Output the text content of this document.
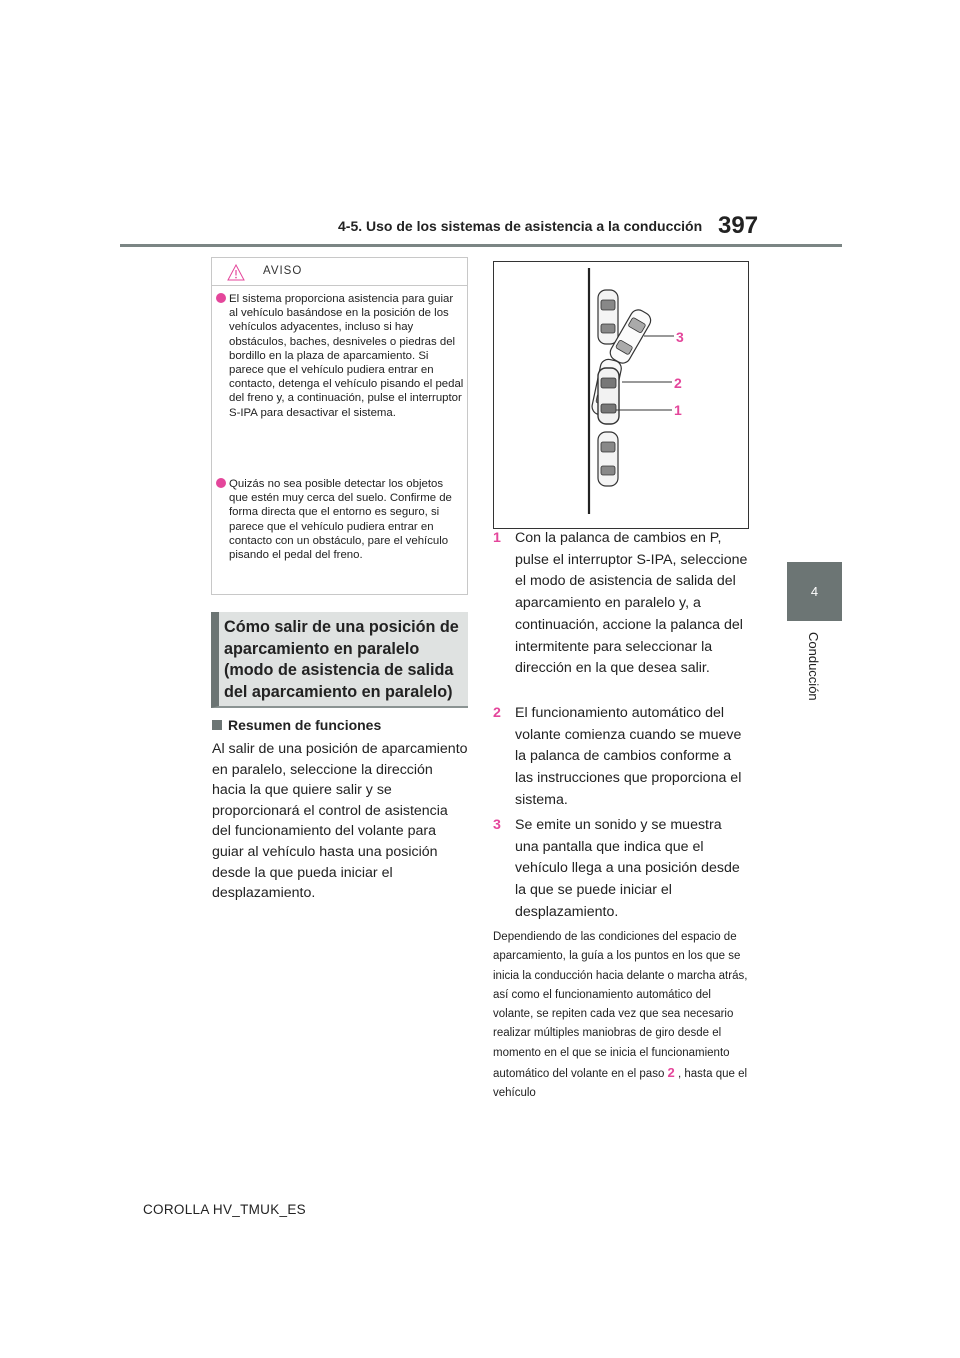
4-5. Uso de los sistemas de asistencia a la conducción 397
4
Conducción
AVISO
El sistema proporciona asistencia para guiar al vehículo basándose en la posición de los vehículos adyacentes, incluso si hay obstáculos, baches, desniveles o piedras del bordillo en la plaza de aparcamiento. Si parece que el vehículo pudiera entrar en contacto, detenga el vehículo pisando el pedal del freno y, a continuación, pulse el interruptor S-IPA para desactivar el sistema.
Quizás no sea posible detectar los objetos que estén muy cerca del suelo. Confirme de forma directa que el entorno es seguro, si parece que el vehículo pudiera entrar en contacto con un obstáculo, pare el vehículo pisando el pedal del freno.
Cómo salir de una posición de aparcamiento en paralelo (modo de asistencia de salida del aparcamiento en paralelo)
Resumen de funciones
Al salir de una posición de aparcamiento en paralelo, seleccione la dirección hacia la que quiere salir y se proporcionará el control de asistencia del funcionamiento del volante para guiar al vehículo hasta una posición desde la que pueda iniciar el desplazamiento.
3
2
1
1 Con la palanca de cambios en P, pulse el interruptor S-IPA, seleccione el modo de asistencia de salida del aparcamiento en paralelo y, a continuación, accione la palanca del intermitente para seleccionar la dirección en la que desea salir.
2 El funcionamiento automático del volante comienza cuando se mueve la palanca de cambios conforme a las instrucciones que proporciona el sistema.
3 Se emite un sonido y se muestra una pantalla que indica que el vehículo llega a una posición desde la que se puede iniciar el desplazamiento.
Dependiendo de las condiciones del espacio de aparcamiento, la guía a los puntos en los que se inicia la conducción hacia delante o marcha atrás, así como el funcionamiento automático del volante, se repiten cada vez que sea necesario realizar múltiples maniobras de giro desde el momento en el que se inicia el funcionamiento automático del volante en el paso 2 , hasta que el vehículo
COROLLA HV_TMUK_ES
